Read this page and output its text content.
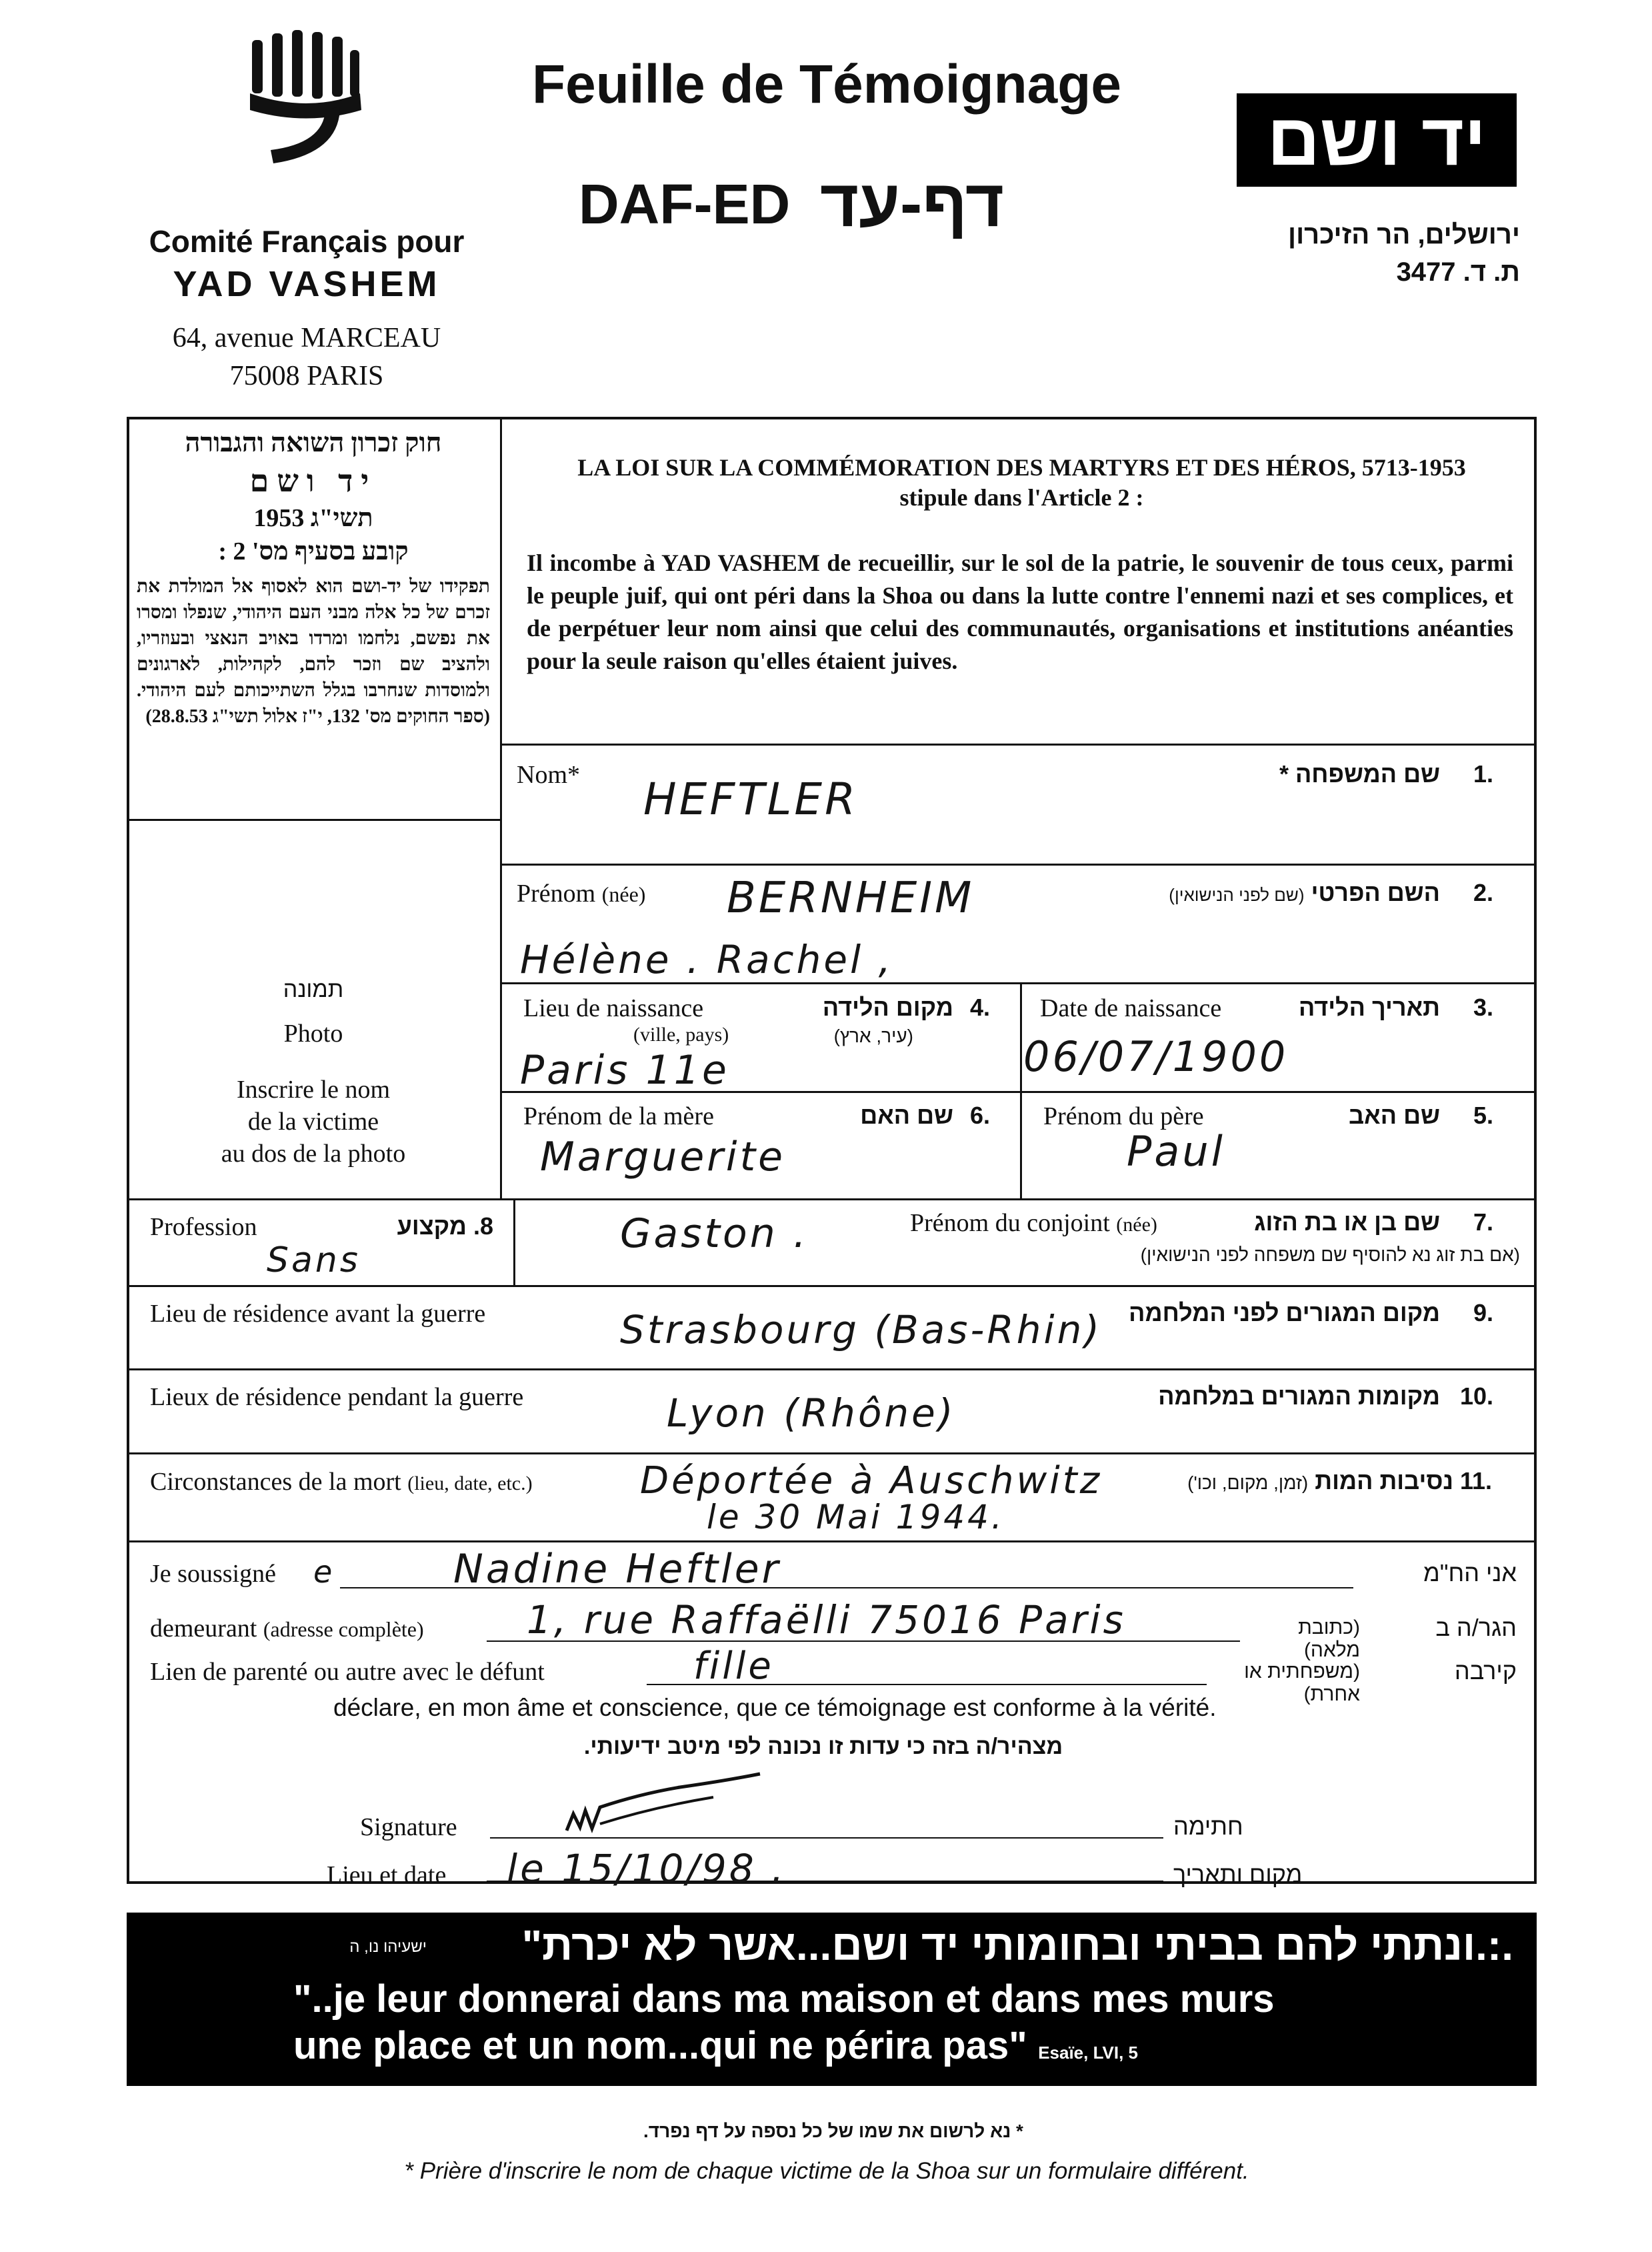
Comité Français pour
YAD VASHEM
64, avenue MARCEAU
75008 PARIS
Feuille de Témoignage
DAF-ED דף-עד
יד ושם
ירושלים, הר הזיכרון
ת. ד. 3477
חוק זכרון השואה והגבורה
יד ושם
1953 תשי"ג
קובע בסעיף מס' 2 :
תפקידו של יד-ושם הוא לאסוף אל המולדת את זכרם של כל אלה מבני העם היהודי, שנפלו ומסרו את נפשם, נלחמו ומרדו באויב הנאצי ובעוזריו, ולהציב שם וזכר להם, לקהילות, לארגונים ולמוסדות שנחרבו בגלל השתייכותם לעם היהודי. (ספר החוקים מס' 132, י"ז אלול תשי"ג 28.8.53)
תמונה
Photo
Inscrire le nom
de la victime
au dos de la photo
LA LOI SUR LA COMMÉMORATION DES MARTYRS ET DES HÉROS, 5713-1953
stipule dans l'Article 2 :
Il incombe à YAD VASHEM de recueillir, sur le sol de la patrie, le souvenir de tous ceux, parmi le peuple juif, qui ont péri dans la Shoa ou dans la lutte contre l'ennemi nazi et ses complices, et de perpétuer leur nom ainsi que celui des communautés, organisations et institutions anéanties pour la seule raison qu'elles étaient juives.
Nom*	שם המשפחה * 1.
HEFTLER
Prénom (née)	השם הפרטי (שם לפני הנישואין)	2.
BERNHEIM
Hélène . Rachel ,
Lieu de naissance
(ville, pays)
מקום הלידה
(עיר, ארץ)
4.
Paris 11e
Date de naissance	תאריך הלידה 3.
06/07/1900
Prénom de la mère	שם האם 6.
Marguerite
Prénom du père	שם האב 5.
Paul
Profession	מקצוע .8
Sans
Gaston .	Prénom du conjoint (née)	שם בן או בת הזוג 7.
(אם בת זוג נא להוסיף שם משפחה לפני הנישואין)
Lieu de résidence avant la guerre	Strasbourg (Bas-Rhin)	מקום המגורים לפני המלחמה 9.
Lieux de résidence pendant la guerre	Lyon (Rhône)	מקומות המגורים במלחמה 10.
Circonstances de la mort (lieu, date, etc.)	Déportée à Auschwitz
le 30 Mai 1944.
נסיבות המות (זמן, מקום, וכו')	11.
Je soussigné e	Nadine Heftler	אני הח"מ
demeurant (adresse complète)	1, rue Raffaëlli 75016 Paris	(כתובת מלאה)
הגר/ה ב
Lien de parenté ou autre avec le défunt	fille	(משפחתית או אחרת)
קירבה
déclare, en mon âme et conscience, que ce témoignage est conforme à la vérité.
מצהיר/ה בזה כי עדות זו נכונה לפי מיטב ידיעותי.
Signature	חתימה
Lieu et date le 15/10/98 .	מקום ותאריך
.:.ונתתי להם בביתי ובחומותי יד ושם...אשר לא יכרת"
ישעיהו נו, ה
"..je leur donnerai dans ma maison et dans mes murs
une place et un nom...qui ne périra pas" Esaïe, LVI, 5
* נא לרשום את שמו של כל נספה על דף נפרד.
* Prière d'inscrire le nom de chaque victime de la Shoa sur un formulaire différent.
